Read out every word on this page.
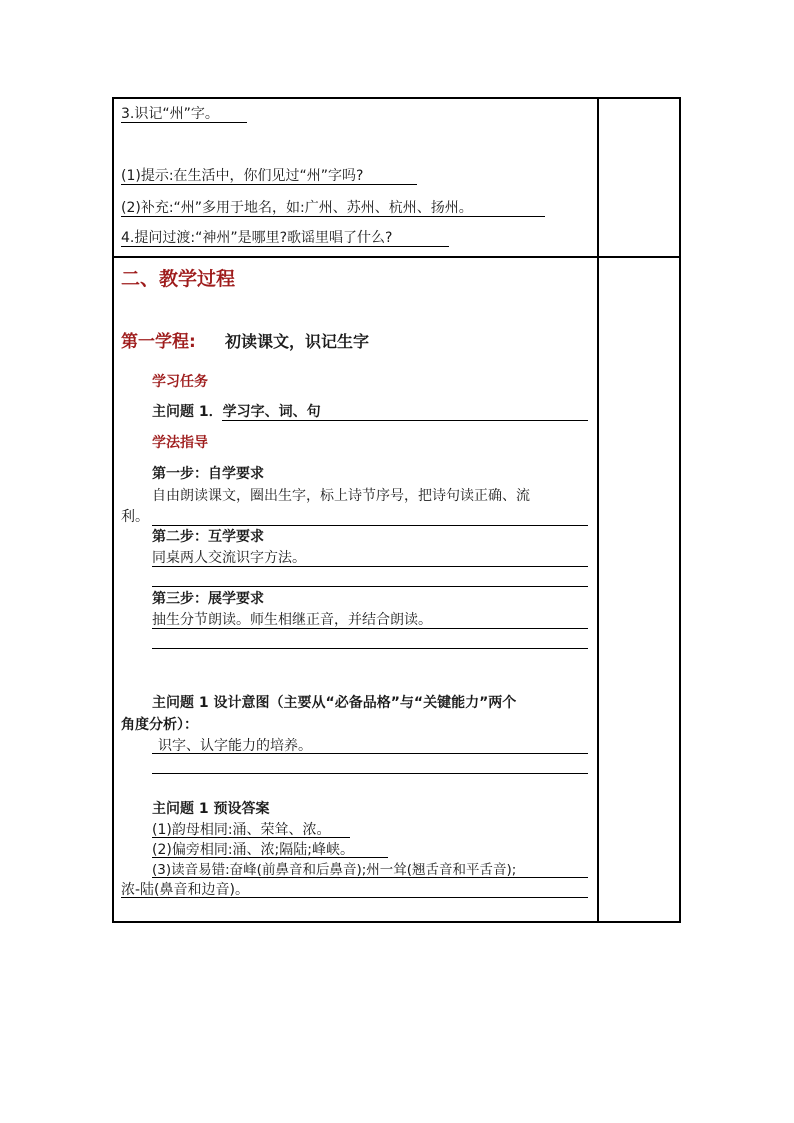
3.识记“州”字。
(1)提示:在生活中，你们见过“州”字吗?
(2)补充:“州”多用于地名，如:广州、苏州、杭州、扬州。
4.提问过渡:“神州”是哪里?歌谣里唱了什么?
二、教学过程
第一学程: 初读课文，识记生字
学习任务
主问题 1．学习字、词、句
学法指导
第一步：自学要求
自由朗读课文，圈出生字，标上诗节序号，把诗句读正确、流
利。
第二步：互学要求
同桌两人交流识字方法。
第三步：展学要求
抽生分节朗读。师生相继正音，并结合朗读。
主问题 1 设计意图（主要从“必备品格”与“关键能力”两个
角度分析）：
识字、认字能力的培养。
主问题 1 预设答案
(1)韵母相同:涌、荣耸、浓。
(2)偏旁相同:涌、浓;隔陆;峰峡。
(3)读音易错:奋峰(前鼻音和后鼻音);州一耸(翘舌音和平舌音);
浓-陆(鼻音和边音)。
